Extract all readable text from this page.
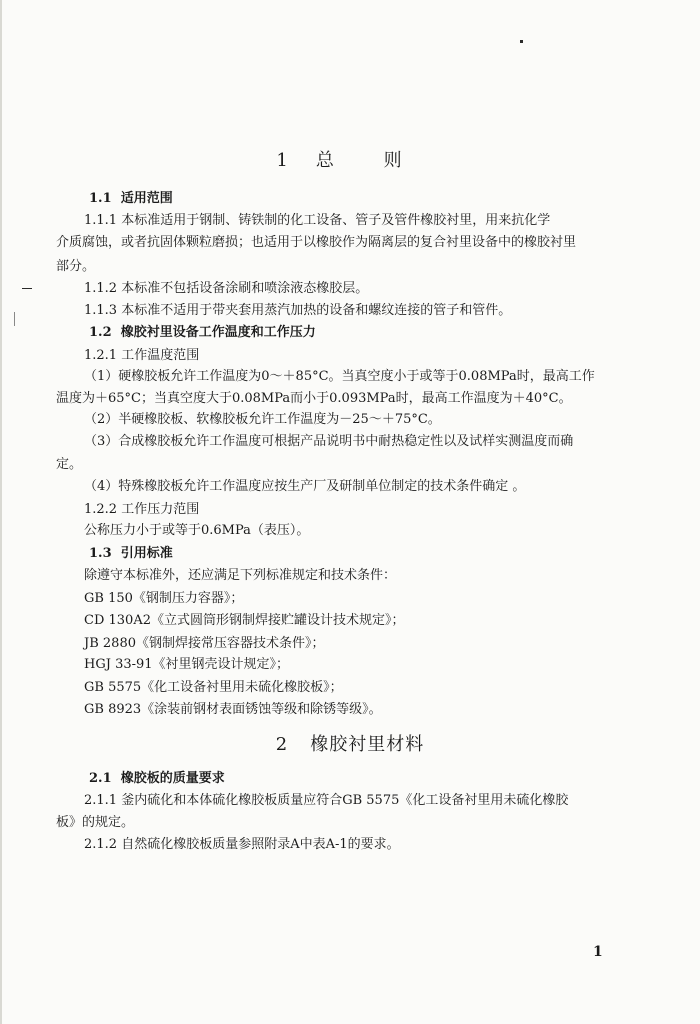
1 总 则
1.1 适用范围
1.1.1 本标准适用于钢制、铸铁制的化工设备、管子及管件橡胶衬里，用来抗化学
介质腐蚀，或者抗固体颗粒磨损；也适用于以橡胶作为隔离层的复合衬里设备中的橡胶衬里
部分。
1.1.2 本标准不包括设备涂刷和喷涂液态橡胶层。
1.1.3 本标准不适用于带夹套用蒸汽加热的设备和螺纹连接的管子和管件。
1.2 橡胶衬里设备工作温度和工作压力
1.2.1 工作温度范围
（1）硬橡胶板允许工作温度为0～＋85°C。当真空度小于或等于0.08MPa时，最高工作
温度为＋65°C；当真空度大于0.08MPa而小于0.093MPa时，最高工作温度为＋40°C。
（2）半硬橡胶板、软橡胶板允许工作温度为－25～＋75°C。
（3）合成橡胶板允许工作温度可根据产品说明书中耐热稳定性以及试样实测温度而确
定。
（4）特殊橡胶板允许工作温度应按生产厂及研制单位制定的技术条件确定 。
1.2.2 工作压力范围
公称压力小于或等于0.6MPa（表压）。
1.3 引用标准
除遵守本标准外，还应满足下列标准规定和技术条件：
GB 150《钢制压力容器》；
CD 130A2《立式圆筒形钢制焊接贮罐设计技术规定》；
JB 2880《钢制焊接常压容器技术条件》；
HGJ 33-91《衬里钢壳设计规定》；
GB 5575《化工设备衬里用未硫化橡胶板》；
GB 8923《涂装前钢材表面锈蚀等级和除锈等级》。
2 橡胶衬里材料
2.1 橡胶板的质量要求
2.1.1 釜内硫化和本体硫化橡胶板质量应符合GB 5575《化工设备衬里用未硫化橡胶
板》的规定。
2.1.2 自然硫化橡胶板质量参照附录A中表A-1的要求。
1
